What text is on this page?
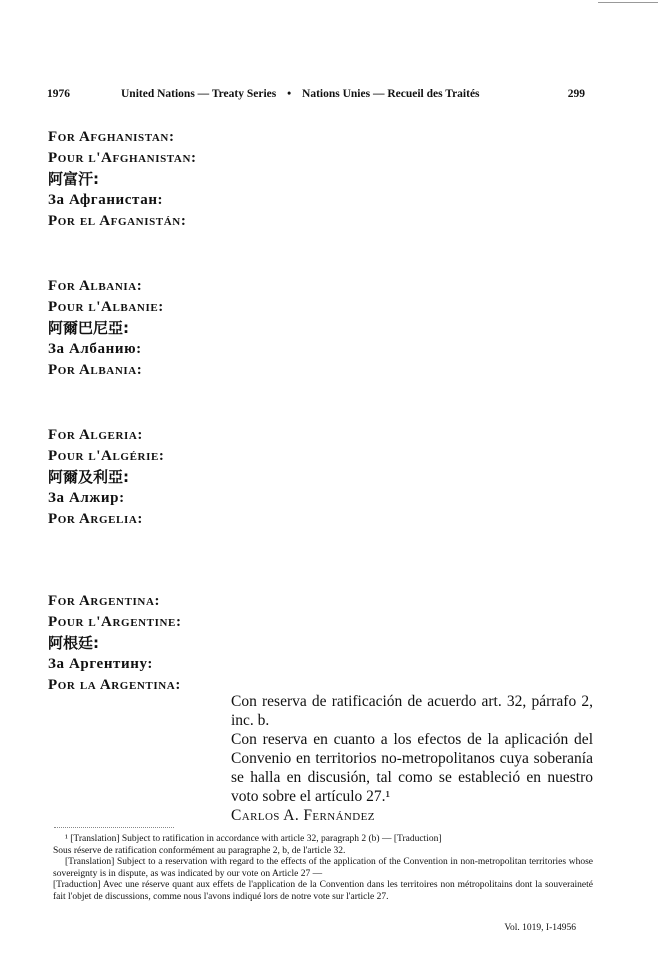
1976	United Nations — Treaty Series • Nations Unies — Recueil des Traités	299
For Afghanistan:
Pour l'Afghanistan:
阿富汗:
За Афганистан:
Por el Afganistán:
For Albania:
Pour l'Albanie:
阿爾巴尼亞:
За Албанию:
Por Albania:
For Algeria:
Pour l'Algérie:
阿爾及利亞:
За Алжир:
Por Argelia:
For Argentina:
Pour l'Argentine:
阿根廷:
За Аргентину:
Por la Argentina:

Con reserva de ratificación de acuerdo art. 32, párrafo 2, inc. b.

Con reserva en cuanto a los efectos de la aplicación del Convenio en territorios no-metropolitanos cuya soberanía se halla en discusión, tal como se estableció en nuestro voto sobre el artículo 27.¹

Carlos A. Fernández

¹ [Translation] Subject to ratification in accordance with article 32, paragraph 2 (b) — [Traduction]

Sous réserve de ratification conformément au paragraphe 2, b, de l'article 32.

[Translation] Subject to a reservation with regard to the effects of the application of the Convention in non-metropolitan territories whose sovereignty is in dispute, as was indicated by our vote on Article 27 —

[Traduction] Avec une réserve quant aux effets de l'application de la Convention dans les territoires non métropolitains dont la souveraineté fait l'objet de discussions, comme nous l'avons indiqué lors de notre vote sur l'article 27.

Vol. 1019, I-14956
